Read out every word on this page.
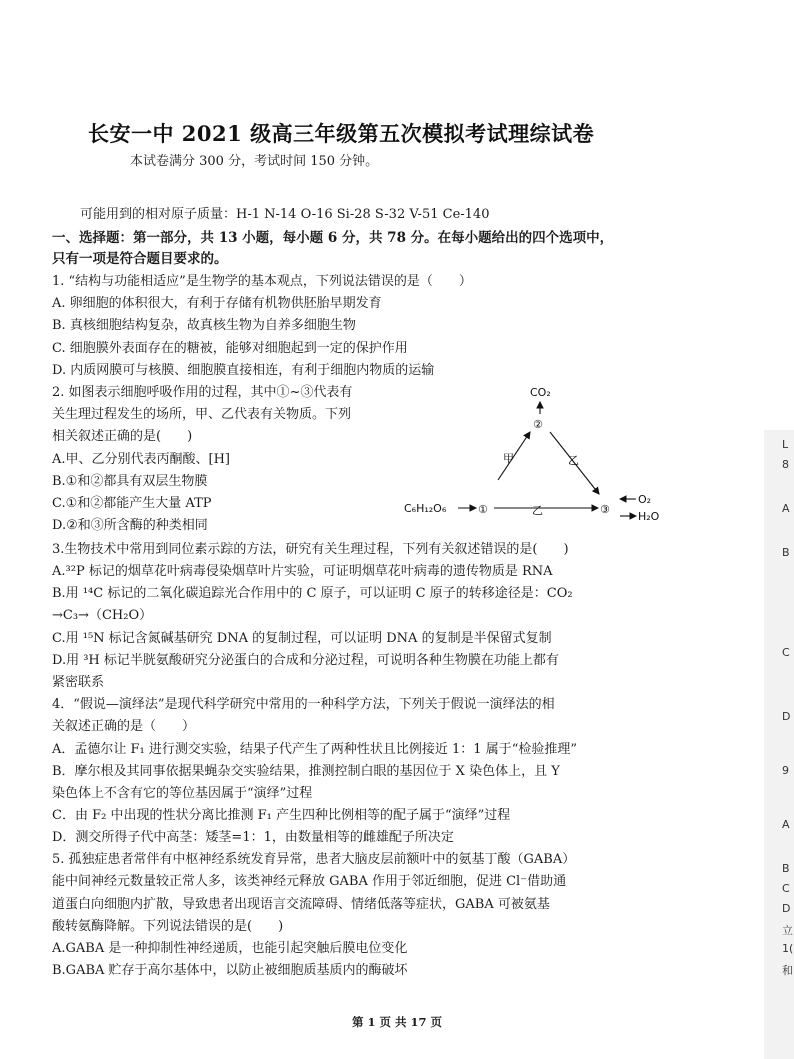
长安一中 2021 级高三年级第五次模拟考试理综试卷
本试卷满分 300 分，考试时间 150 分钟。
可能用到的相对原子质量：H-1 N-14 O-16 Si-28 S-32 V-51 Ce-140
一、选择题：第一部分，共 13 小题，每小题 6 分，共 78 分。在每小题给出的四个选项中，
只有一项是符合题目要求的。
1. “结构与功能相适应”是生物学的基本观点，下列说法错误的是（　　）
A. 卵细胞的体积很大，有利于存储有机物供胚胎早期发育
B. 真核细胞结构复杂，故真核生物为自养多细胞生物
C. 细胞膜外表面存在的糖被，能够对细胞起到一定的保护作用
D. 内质网膜可与核膜、细胞膜直接相连，有利于细胞内物质的运输
2. 如图表示细胞呼吸作用的过程，其中①~③代表有
关生理过程发生的场所，甲、乙代表有关物质。下列
相关叙述正确的是(　　)
A.甲、乙分别代表丙酮酸、[H]
B.①和②都具有双层生物膜
C.①和②都能产生大量 ATP
D.②和③所含酶的种类相同
CO₂
②
甲	乙
C₆H₁₂O₆	①	乙	③
O₂
H₂O
3.生物技术中常用到同位素示踪的方法，研究有关生理过程，下列有关叙述错误的是(　　)
A.³²P 标记的烟草花叶病毒侵染烟草叶片实验，可证明烟草花叶病毒的遗传物质是 RNA
B.用 ¹⁴C 标记的二氧化碳追踪光合作用中的 C 原子，可以证明 C 原子的转移途径是：CO₂
→C₃→（CH₂O）
C.用 ¹⁵N 标记含氮碱基研究 DNA 的复制过程，可以证明 DNA 的复制是半保留式复制
D.用 ³H 标记半胱氨酸研究分泌蛋白的合成和分泌过程，可说明各种生物膜在功能上都有
紧密联系
4．“假说—演绎法”是现代科学研究中常用的一种科学方法，下列关于假说一演绎法的相
关叙述正确的是（　　）
A．孟德尔让 F₁ 进行测交实验，结果子代产生了两种性状且比例接近 1：1 属于“检验推理”
B．摩尔根及其同事依据果蝇杂交实验结果，推测控制白眼的基因位于 X 染色体上，且 Y
染色体上不含有它的等位基因属于“演绎”过程
C．由 F₂ 中出现的性状分离比推测 F₁ 产生四种比例相等的配子属于“演绎”过程
D．测交所得子代中高茎：矮茎=1：1，由数量相等的雌雄配子所决定
5. 孤独症患者常伴有中枢神经系统发育异常，患者大脑皮层前额叶中的氨基丁酸（GABA）
能中间神经元数量较正常人多，该类神经元释放 GABA 作用于邻近细胞，促进 Cl⁻借助通
道蛋白向细胞内扩散，导致患者出现语言交流障碍、情绪低落等症状，GABA 可被氨基
酸转氨酶降解。下列说法错误的是(　　)
A.GABA 是一种抑制性神经递质，也能引起突触后膜电位变化
B.GABA 贮存于高尔基体中，以防止被细胞质基质内的酶破坏
第 1 页 共 17 页
L
8
A
B
C
D
9
A
B
C
D
立
1(
和
